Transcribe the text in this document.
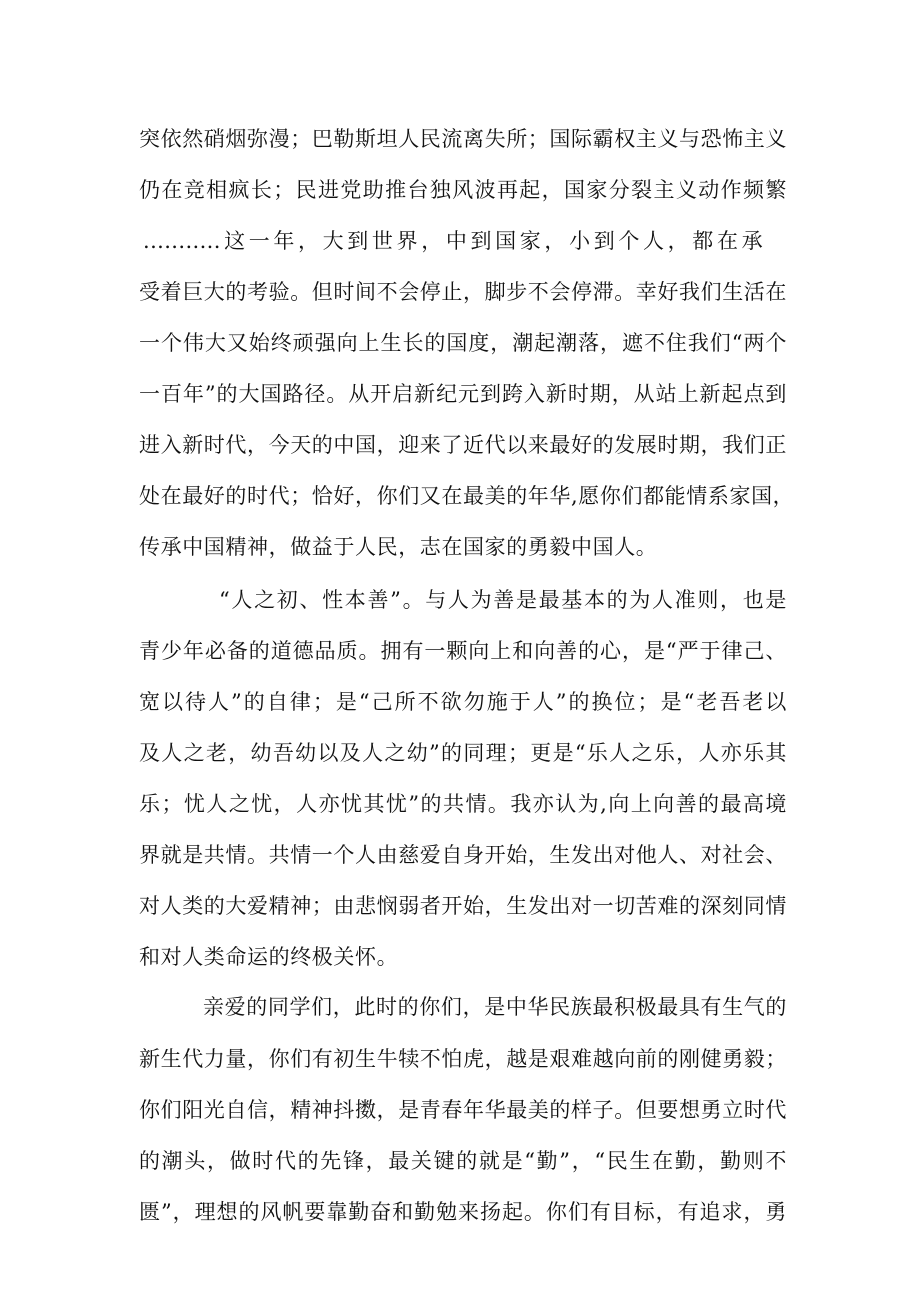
突依然硝烟弥漫；巴勒斯坦人民流离失所；国际霸权主义与恐怖主义
仍在竞相疯长；民进党助推台独风波再起，国家分裂主义动作频繁
...........这一年，大到世界，中到国家，小到个人，都在承
受着巨大的考验。但时间不会停止，脚步不会停滞。幸好我们生活在
一个伟大又始终顽强向上生长的国度，潮起潮落，遮不住我们“两个
一百年”的大国路径。从开启新纪元到跨入新时期，从站上新起点到
进入新时代，今天的中国，迎来了近代以来最好的发展时期，我们正
处在最好的时代；恰好，你们又在最美的年华,愿你们都能情系家国，
传承中国精神，做益于人民，志在国家的勇毅中国人。
“人之初、性本善”。与人为善是最基本的为人准则，也是
青少年必备的道德品质。拥有一颗向上和向善的心，是“严于律己、
宽以待人”的自律；是“己所不欲勿施于人”的换位；是“老吾老以
及人之老，幼吾幼以及人之幼”的同理；更是“乐人之乐，人亦乐其
乐；忧人之忧，人亦忧其忧”的共情。我亦认为,向上向善的最高境
界就是共情。共情一个人由慈爱自身开始，生发出对他人、对社会、
对人类的大爱精神；由悲悯弱者开始，生发出对一切苦难的深刻同情
和对人类命运的终极关怀。
亲爱的同学们，此时的你们，是中华民族最积极最具有生气的
新生代力量，你们有初生牛犊不怕虎，越是艰难越向前的刚健勇毅；
你们阳光自信，精神抖擞，是青春年华最美的样子。但要想勇立时代
的潮头，做时代的先锋，最关键的就是“勤”，“民生在勤，勤则不
匮”，理想的风帆要靠勤奋和勤勉来扬起。你们有目标，有追求，勇
